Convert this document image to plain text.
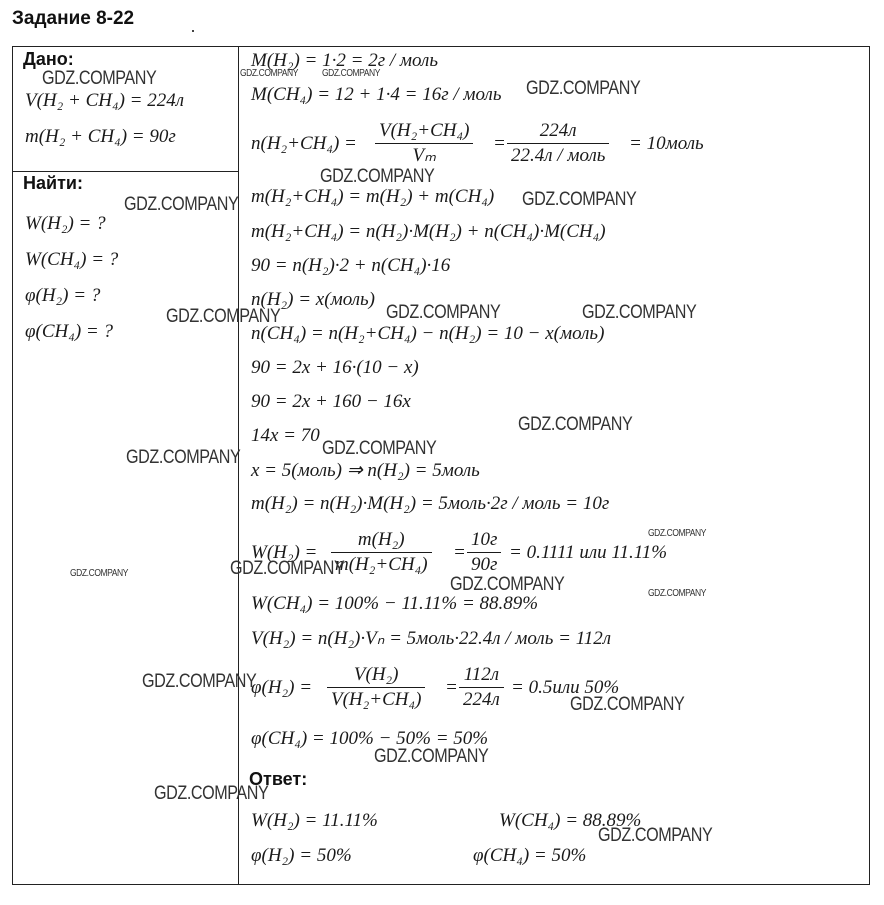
Задание 8-22
Дано:
V(H₂ + CH₄) = 224л
m(H₂ + CH₄) = 90г
Найти:
W(H₂) = ?
W(CH₄) = ?
φ(H₂) = ?
φ(CH₄) = ?
M(H₂) = 1·2 = 2г / моль
M(CH₄) = 12 + 1·4 = 16г / моль
$n(H_2+CH_4) = \frac{\text{V(H₂+CH₄)}}{\text{Vₘ}}$ =
224л
22.4л / моль
= 10моль
m(H₂+CH₄) = m(H₂) + m(CH₄)
m(H₂+CH₄) = n(H₂)·M(H₂) + n(CH₄)·M(CH₄)
90 = n(H₂)·2 + n(CH₄)·16
n(H₂) = x(моль)
n(CH₄) = n(H₂+CH₄) − n(H₂) = 10 − x(моль)
90 = 2x + 16·(10 − x)
90 = 2x + 160 − 16x
14x = 70
x = 5(моль) ⇒ n(H₂) = 5моль
m(H₂) = n(H₂)·M(H₂) = 5моль·2г / моль = 10г
$W(H_2) = \frac{\text{m(H₂)}}{\text{m(H₂+CH₄)}}$ =
10г
90г
= 0.1111 или 11.11%
W(CH₄) = 100% − 11.11% = 88.89%
V(H₂) = n(H₂)·Vₙ = 5моль·22.4л / моль = 112л
$\varphi(H_2) = \frac{\text{V(H₂)}}{\text{V(H₂+CH₄)}}$ =
112л
224л
= 0.5или 50%
φ(CH₄) = 100% − 50% = 50%
Ответ:
W(H₂) = 11.11%	W(CH₄) = 88.89%
φ(H₂) = 50%	φ(CH₄) = 50%
GDZ.COMPANY	GDZ.COMPANY
GDZ.COMPANY
GDZ.COMPANY
GDZ.COMPANY
GDZ.COMPANY	GDZ.COMPANY	GDZ.COMPANY
GDZ.COMPANY
GDZ.COMPANY
GDZ.COMPANY
GDZ.COMPANY
GDZ.COMPANY
GDZ.COMPANY
GDZ.COMPANY
GDZ.COMPANY
GDZ.COMPANY
GDZ.COMPANY
GDZ.COMPANY GDZ.COMPANY
GDZ.COMPANY
GDZ.COMPANY
GDZ.COMPANY
